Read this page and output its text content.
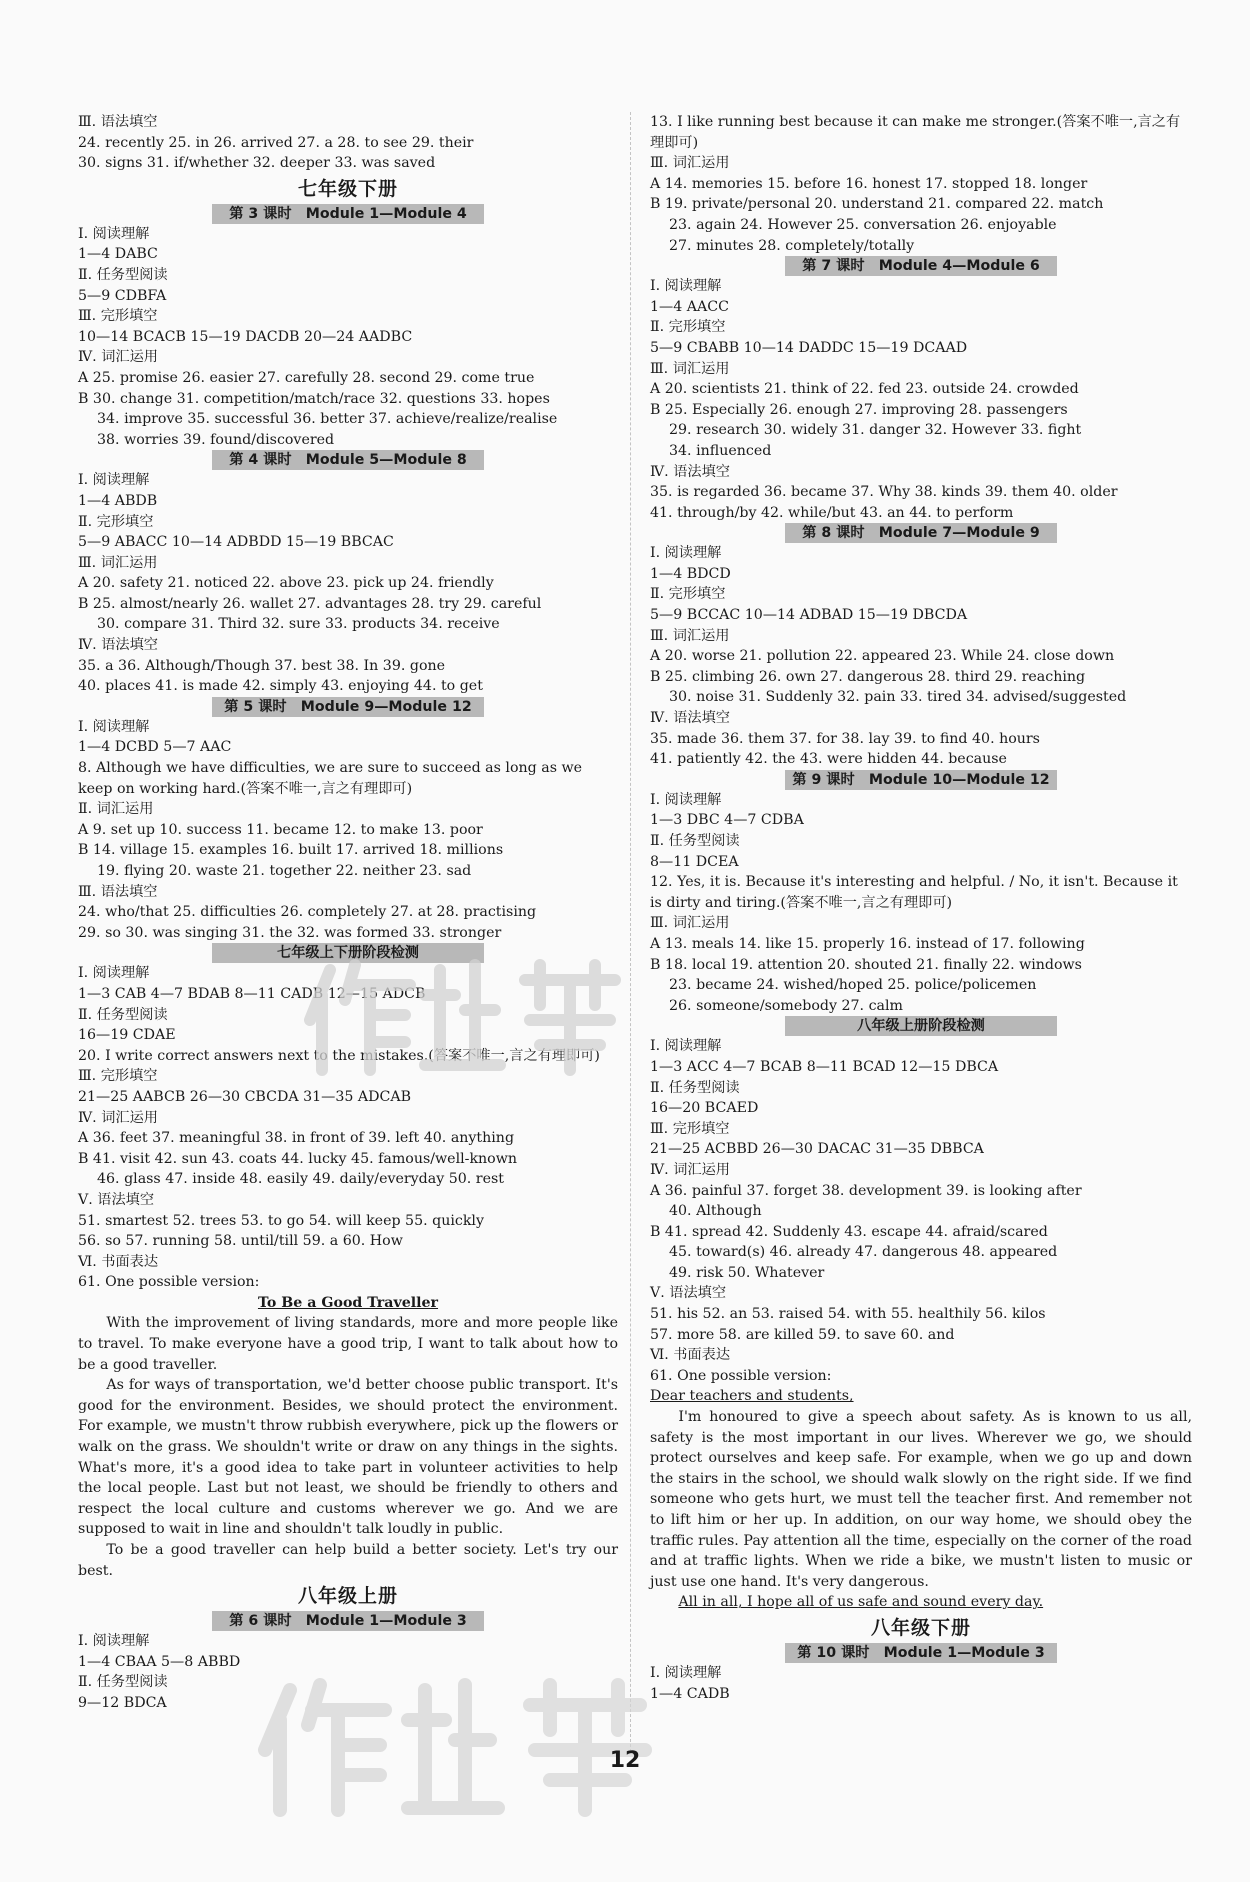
Ⅲ. 语法填空
24. recently 25. in 26. arrived 27. a 28. to see 29. their
30. signs 31. if/whether 32. deeper 33. was saved
七年级下册
第 3 课时　Module 1—Module 4
Ⅰ. 阅读理解
1—4 DABC
Ⅱ. 任务型阅读
5—9 CDBFA
Ⅲ. 完形填空
10—14 BCACB 15—19 DACDB 20—24 AADBC
Ⅳ. 词汇运用
A 25. promise 26. easier 27. carefully 28. second 29. come true
B 30. change 31. competition/match/race 32. questions 33. hopes
34. improve 35. successful 36. better 37. achieve/realize/realise
38. worries 39. found/discovered
第 4 课时　Module 5—Module 8
Ⅰ. 阅读理解
1—4 ABDB
Ⅱ. 完形填空
5—9 ABACC 10—14 ADBDD 15—19 BBCAC
Ⅲ. 词汇运用
A 20. safety 21. noticed 22. above 23. pick up 24. friendly
B 25. almost/nearly 26. wallet 27. advantages 28. try 29. careful
30. compare 31. Third 32. sure 33. products 34. receive
Ⅳ. 语法填空
35. a 36. Although/Though 37. best 38. In 39. gone
40. places 41. is made 42. simply 43. enjoying 44. to get
第 5 课时　Module 9—Module 12
Ⅰ. 阅读理解
1—4 DCBD 5—7 AAC
8. Although we have difficulties, we are sure to succeed as long as we keep on working hard.(答案不唯一,言之有理即可)
Ⅱ. 词汇运用
A 9. set up 10. success 11. became 12. to make 13. poor
B 14. village 15. examples 16. built 17. arrived 18. millions
19. flying 20. waste 21. together 22. neither 23. sad
Ⅲ. 语法填空
24. who/that 25. difficulties 26. completely 27. at 28. practising
29. so 30. was singing 31. the 32. was formed 33. stronger
七年级上下册阶段检测
Ⅰ. 阅读理解
1—3 CAB 4—7 BDAB 8—11 CADB 12—15 ADCB
Ⅱ. 任务型阅读
16—19 CDAE
20. I write correct answers next to the mistakes.(答案不唯一,言之有理即可)
Ⅲ. 完形填空
21—25 AABCB 26—30 CBCDA 31—35 ADCAB
Ⅳ. 词汇运用
A 36. feet 37. meaningful 38. in front of 39. left 40. anything
B 41. visit 42. sun 43. coats 44. lucky 45. famous/well-known
46. glass 47. inside 48. easily 49. daily/everyday 50. rest
Ⅴ. 语法填空
51. smartest 52. trees 53. to go 54. will keep 55. quickly
56. so 57. running 58. until/till 59. a 60. How
Ⅵ. 书面表达
61. One possible version:
To Be a Good Traveller
With the improvement of living standards, more and more people like to travel. To make everyone have a good trip, I want to talk about how to be a good traveller.
As for ways of transportation, we'd better choose public transport. It's good for the environment. Besides, we should protect the environment. For example, we mustn't throw rubbish everywhere, pick up the flowers or walk on the grass. We shouldn't write or draw on any things in the sights. What's more, it's a good idea to take part in volunteer activities to help the local people. Last but not least, we should be friendly to others and respect the local culture and customs wherever we go. And we are supposed to wait in line and shouldn't talk loudly in public.
To be a good traveller can help build a better society. Let's try our best.
八年级上册
第 6 课时　Module 1—Module 3
Ⅰ. 阅读理解
1—4 CBAA 5—8 ABBD
Ⅱ. 任务型阅读
9—12 BDCA
13. I like running best because it can make me stronger.(答案不唯一,言之有理即可)
Ⅲ. 词汇运用
A 14. memories 15. before 16. honest 17. stopped 18. longer
B 19. private/personal 20. understand 21. compared 22. match
23. again 24. However 25. conversation 26. enjoyable
27. minutes 28. completely/totally
第 7 课时　Module 4—Module 6
Ⅰ. 阅读理解
1—4 AACC
Ⅱ. 完形填空
5—9 CBABB 10—14 DADDC 15—19 DCAAD
Ⅲ. 词汇运用
A 20. scientists 21. think of 22. fed 23. outside 24. crowded
B 25. Especially 26. enough 27. improving 28. passengers
29. research 30. widely 31. danger 32. However 33. fight
34. influenced
Ⅳ. 语法填空
35. is regarded 36. became 37. Why 38. kinds 39. them 40. older
41. through/by 42. while/but 43. an 44. to perform
第 8 课时　Module 7—Module 9
Ⅰ. 阅读理解
1—4 BDCD
Ⅱ. 完形填空
5—9 BCCAC 10—14 ADBAD 15—19 DBCDA
Ⅲ. 词汇运用
A 20. worse 21. pollution 22. appeared 23. While 24. close down
B 25. climbing 26. own 27. dangerous 28. third 29. reaching
30. noise 31. Suddenly 32. pain 33. tired 34. advised/suggested
Ⅳ. 语法填空
35. made 36. them 37. for 38. lay 39. to find 40. hours
41. patiently 42. the 43. were hidden 44. because
第 9 课时　Module 10—Module 12
Ⅰ. 阅读理解
1—3 DBC 4—7 CDBA
Ⅱ. 任务型阅读
8—11 DCEA
12. Yes, it is. Because it's interesting and helpful. / No, it isn't. Because it is dirty and tiring.(答案不唯一,言之有理即可)
Ⅲ. 词汇运用
A 13. meals 14. like 15. properly 16. instead of 17. following
B 18. local 19. attention 20. shouted 21. finally 22. windows
23. became 24. wished/hoped 25. police/policemen
26. someone/somebody 27. calm
八年级上册阶段检测
Ⅰ. 阅读理解
1—3 ACC 4—7 BCAB 8—11 BCAD 12—15 DBCA
Ⅱ. 任务型阅读
16—20 BCAED
Ⅲ. 完形填空
21—25 ACBBD 26—30 DACAC 31—35 DBBCA
Ⅳ. 词汇运用
A 36. painful 37. forget 38. development 39. is looking after
40. Although
B 41. spread 42. Suddenly 43. escape 44. afraid/scared
45. toward(s) 46. already 47. dangerous 48. appeared
49. risk 50. Whatever
Ⅴ. 语法填空
51. his 52. an 53. raised 54. with 55. healthily 56. kilos
57. more 58. are killed 59. to save 60. and
Ⅵ. 书面表达
61. One possible version:
Dear teachers and students,
I'm honoured to give a speech about safety. As is known to us all, safety is the most important in our lives. Wherever we go, we should protect ourselves and keep safe. For example, when we go up and down the stairs in the school, we should walk slowly on the right side. If we find someone who gets hurt, we must tell the teacher first. And remember not to lift him or her up. In addition, on our way home, we should obey the traffic rules. Pay attention all the time, especially on the corner of the road and at traffic lights. When we ride a bike, we mustn't listen to music or just use one hand. It's very dangerous.
All in all, I hope all of us safe and sound every day.
八年级下册
第 10 课时　Module 1—Module 3
Ⅰ. 阅读理解
1—4 CADB
12
